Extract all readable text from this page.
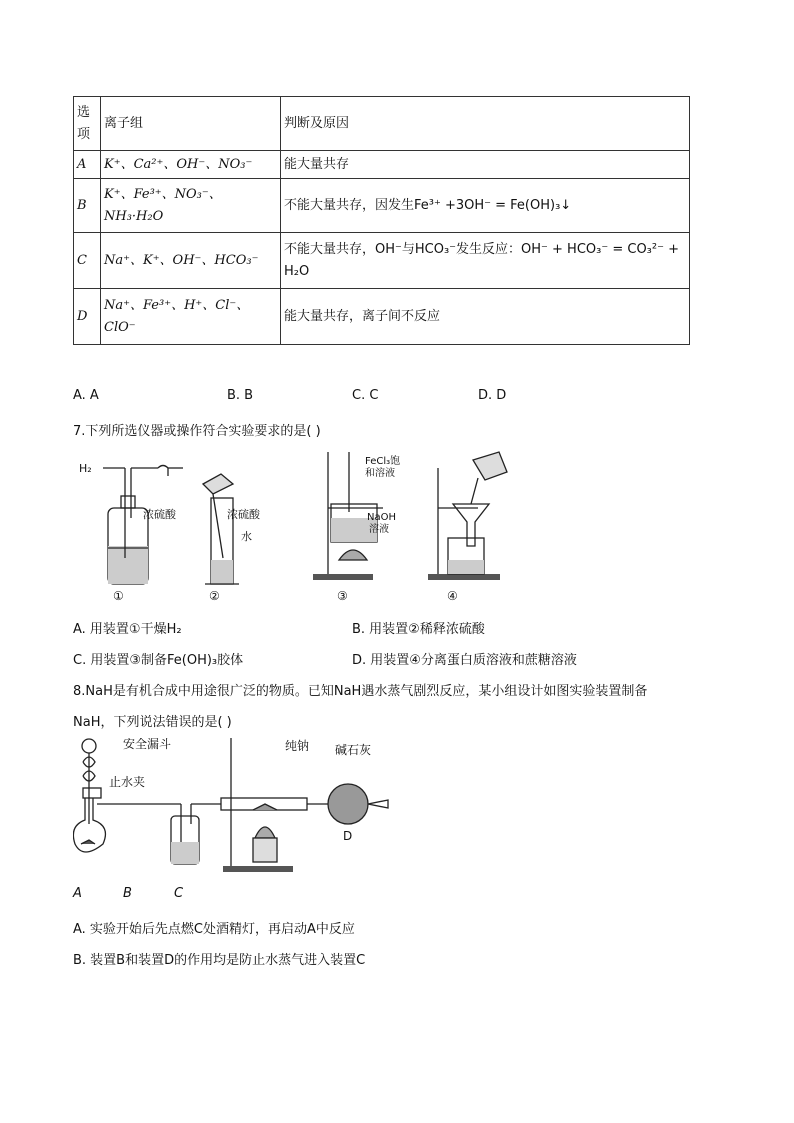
选项	离子组	判断及原因
A	K⁺、Ca²⁺、OH⁻、NO₃⁻	能大量共存
B	K⁺、Fe³⁺、NO₃⁻、NH₃·H₂O	不能大量共存，因发生Fe³⁺ +3OH⁻ = Fe(OH)₃↓
C	Na⁺、K⁺、OH⁻、HCO₃⁻	不能大量共存，OH⁻与HCO₃⁻发生反应：OH⁻ + HCO₃⁻ = CO₃²⁻ + H₂O
D	Na⁺、Fe³⁺、H⁺、Cl⁻、ClO⁻	能大量共存，离子间不反应
A. A	B. B	C. C	D. D
7.下列所选仪器或操作符合实验要求的是( )
H₂
浓硫酸	浓硫酸
水
FeCl₃饱
和溶液
NaOH
溶液
①	②	③	④
A. 用装置①干燥H₂	B. 用装置②稀释浓硫酸
C. 用装置③制备Fe(OH)₃胶体	D. 用装置④分离蛋白质溶液和蔗糖溶液
8.NaH是有机合成中用途很广泛的物质。已知NaH遇水蒸气剧烈反应，某小组设计如图实验装置制备
NaH，下列说法错误的是( )
安全漏斗
止水夹
纯钠 碱石灰
D
A	B	C
A. 实验开始后先点燃C处酒精灯，再启动A中反应
B. 装置B和装置D的作用均是防止水蒸气进入装置C
